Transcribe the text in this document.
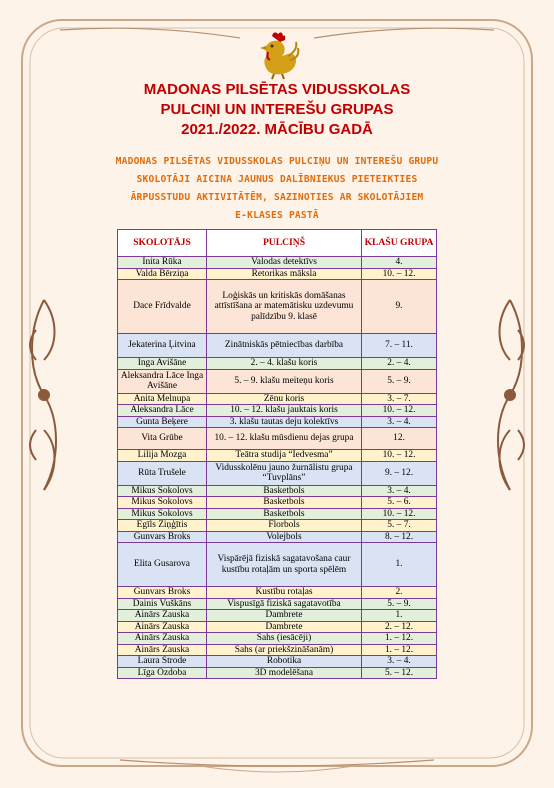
MADONAS PILSĒTAS VIDUSSKOLAS
PULCIŅI UN INTEREŠU GRUPAS
2021./2022. MĀCĪBU GADĀ
MADONAS PILSĒTAS VIDUSSKOLAS PULCIŅU UN INTEREŠU GRUPU
SKOLOTĀJI AICINA JAUNUS DALĪBNIEKUS PIETEIKTIES
ĀRPUSSTUDU AKTIVITĀTĒM, SAZINOTIES AR SKOLOTĀJIEM
E-KLASES PASTĀ
SKOLOTĀJS	PULCIŅŠ	KLAŠU GRUPA
Inita Rūka	Valodas detektīvs	4.
Valda Bērziņa	Retorikas māksla	10. – 12.
Dace Frīdvalde	Loģiskās un kritiskās domāšanas attīstīšana ar matemātisku uzdevumu palīdzību 9. klasē	9.
Jekaterina Ļitvina	Zinātniskās pētniecības darbība	7. – 11.
Inga Avišāne	2. – 4. klašu koris	2. – 4.
Aleksandra Lāce Inga Avišāne	5. – 9. klašu meiteņu koris	5. – 9.
Anita Melnupa	Zēnu koris	3. – 7.
Aleksandra Lāce	10. – 12. klašu jauktais koris	10. – 12.
Gunta Beķere	3. klašu tautas deju kolektīvs	3. – 4.
Vita Grūbe	10. – 12. klašu mūsdienu dejas grupa	12.
Lilija Mozga	Teātra studija “Iedvesma”	10. – 12.
Rūta Trušele	Vidusskolēnu jauno žurnālistu grupa “Tuvplāns”	9. – 12.
Mikus Sokolovs	Basketbols	3. – 4.
Mikus Sokolovs	Basketbols	5. – 6.
Mikus Sokolovs	Basketbols	10. – 12.
Egīls Ziņģītis	Florbols	5. – 7.
Gunvars Broks	Volejbols	8. – 12.
Elita Gusarova	Vispārējā fiziskā sagatavošana caur kustību rotaļām un sporta spēlēm	1.
Gunvars Broks	Kustību rotaļas	2.
Dainis Vuškāns	Vispusīgā fiziskā sagatavotība	5. – 9.
Ainārs Zauska	Dambrete	1.
Ainārs Zauska	Dambrete	2. – 12.
Ainārs Zauska	Šahs (iesācēji)	1. – 12.
Ainārs Zauska	Šahs (ar priekšzināšanām)	1. – 12.
Laura Strode	Robotika	3. – 4.
Līga Ozdoba	3D modelēšana	5. – 12.
